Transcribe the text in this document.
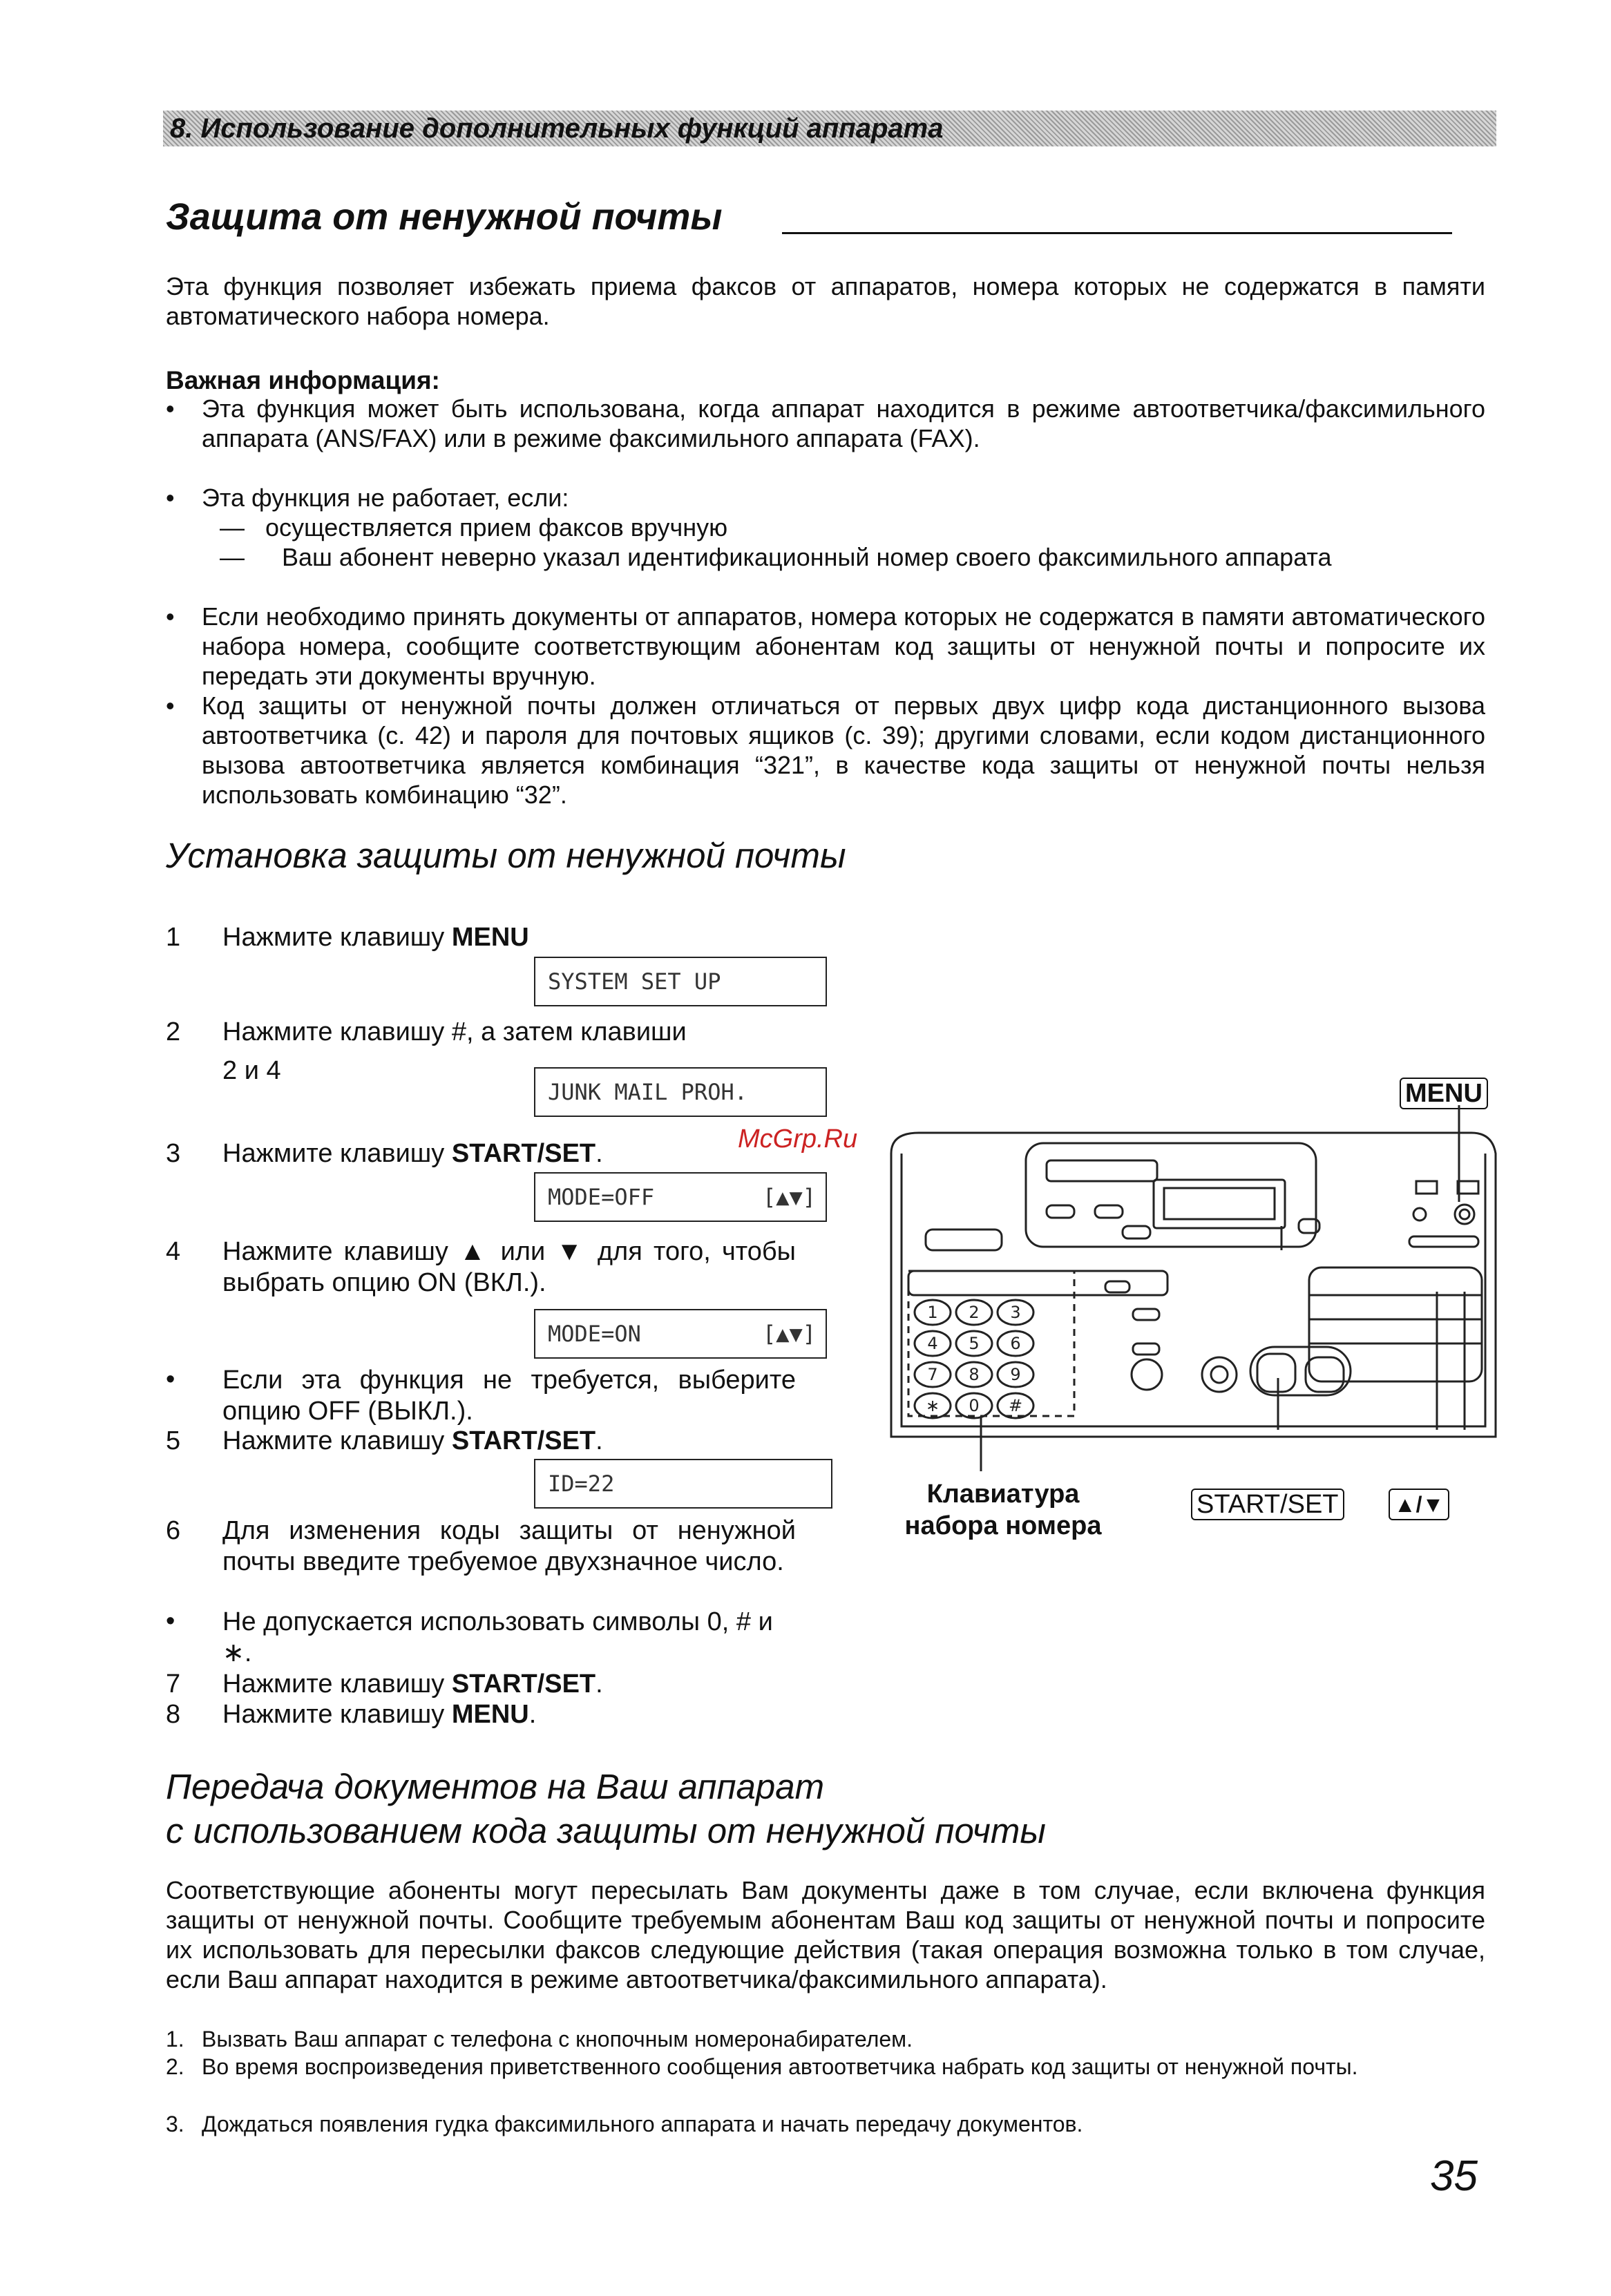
8. Использование дополнительных функций аппарата
Защита от ненужной почты
Эта функция позволяет избежать приема факсов от аппаратов, номера которых не содержатся в памяти автоматического набора номера.
Важная информация:
• Эта функция может быть использована, когда аппарат находится в режиме автоответчика/факсимильного аппарата (ANS/FAX) или в режиме факсимильного аппарата (FAX).
• Эта функция не работает, если:
— осуществляется прием факсов вручную
— Ваш абонент неверно указал идентификационный номер своего факсимильного аппарата
• Если необходимо принять документы от аппаратов, номера которых не содержатся в памяти автоматического набора номера, сообщите соответствующим абонентам код защиты от ненужной почты и попросите их передать эти документы вручную.
• Код защиты от ненужной почты должен отличаться от первых двух цифр кода дистанционного вызова автоответчика (с. 42) и пароля для почтовых ящиков (с. 39); другими словами, если кодом дистанционного вызова автоответчика является комбинация “321”, в качестве кода защиты от ненужной почты нельзя использовать комбинацию “32”.
Установка защиты от ненужной почты
1 Нажмите клавишу MENU
SYSTEM SET UP
2 Нажмите клавишу #, а затем клавиши
2 и 4
JUNK MAIL PROH.
3 Нажмите клавишу START/SET.
MODE=OFF	[▲▼]
4 Нажмите клавишу ▲ или ▼ для того, чтобы выбрать опцию ON (ВКЛ.).
MODE=ON	[▲▼]
• Если эта функция не требуется, выберите опцию OFF (ВЫКЛ.).
5 Нажмите клавишу START/SET.
ID=22
6 Для изменения коды защиты от ненужной почты введите требуемое двухзначное число.
• Не допускается использовать символы 0, # и ∗.
7 Нажмите клавишу START/SET.
8 Нажмите клавишу MENU.
McGrp.Ru
MENU
1 2 3
4 5 6
7 8 9
∗ 0 #
Клавиатура
набора номера
START/SET	▲/▼
Передача документов на Ваш аппарат
с использованием кода защиты от ненужной почты
Соответствующие абоненты могут пересылать Вам документы даже в том случае, если включена функция защиты от ненужной почты. Сообщите требуемым абонентам Ваш код защиты от ненужной почты и попросите их использовать для пересылки факсов следующие действия (такая операция возможна только в том случае, если Ваш аппарат находится в режиме автоответчика/факсимильного аппарата).
1. Вызвать Ваш аппарат с телефона с кнопочным номеронабирателем.
2. Во время воспроизведения приветственного сообщения автоответчика набрать код защиты от ненужной почты.
3. Дождаться появления гудка факсимильного аппарата и начать передачу документов.
35
